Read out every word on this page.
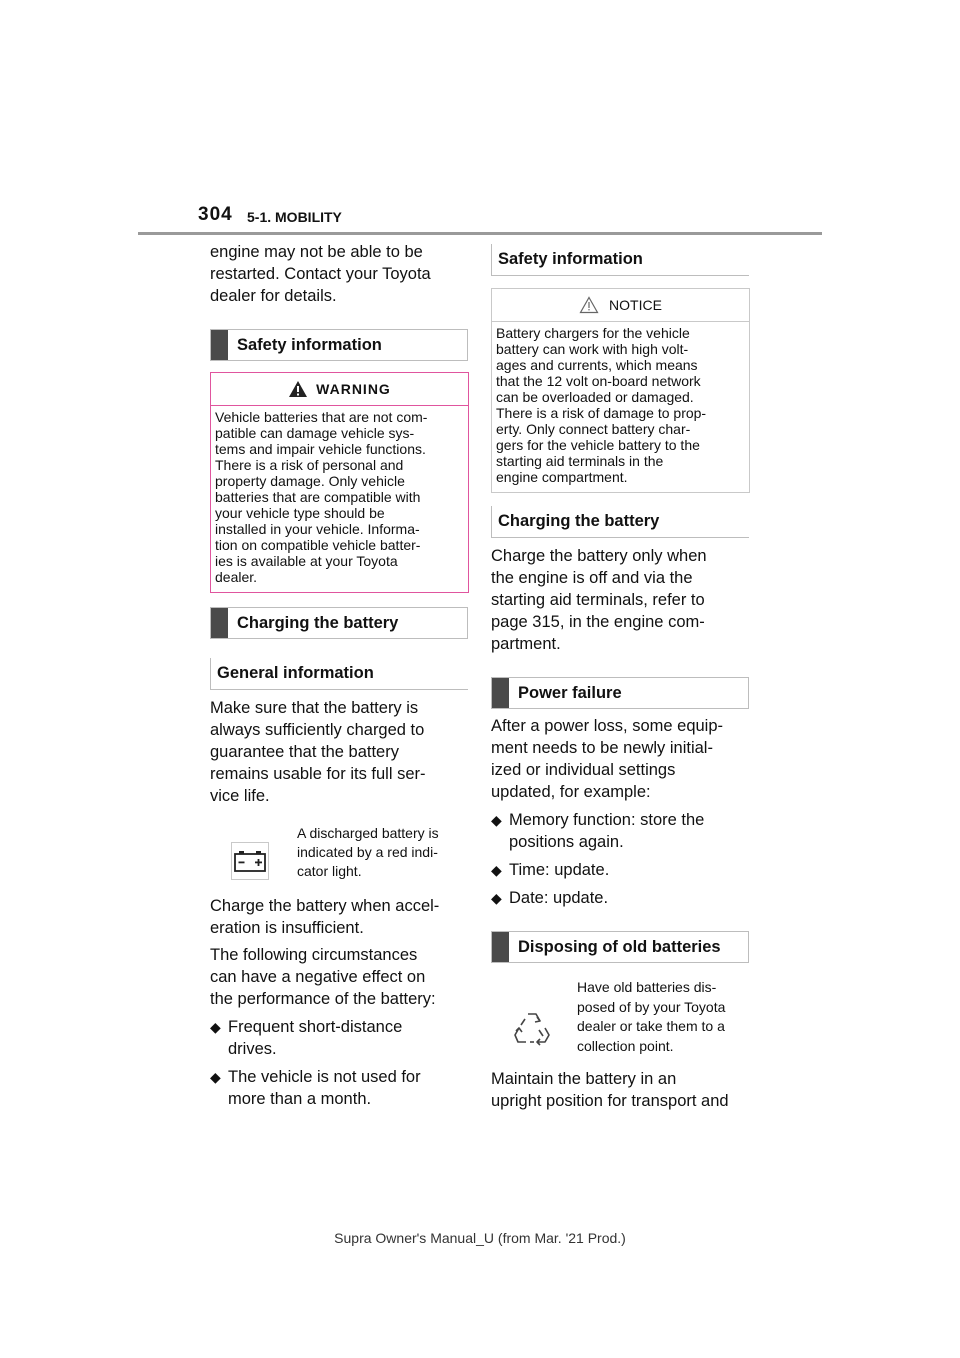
304 5-1. MOBILITY

engine may not be able to be
restarted. Contact your Toyota
dealer for details.

Safety information
WARNING

Vehicle batteries that are not com-
patible can damage vehicle sys-
tems and impair vehicle functions.
There is a risk of personal and
property damage. Only vehicle
batteries that are compatible with
your vehicle type should be
installed in your vehicle. Informa-
tion on compatible vehicle batter-
ies is available at your Toyota
dealer.

Charging the battery
General information

Make sure that the battery is
always sufficiently charged to
guarantee that the battery
remains usable for its full ser-
vice life.

A discharged battery is
indicated by a red indi-
cator light.

Charge the battery when accel-
eration is insufficient.

The following circumstances
can have a negative effect on
the performance of the battery:

◆ Frequent short-distance
drives.

◆ The vehicle is not used for
more than a month.

Safety information
NOTICE

Battery chargers for the vehicle
battery can work with high volt-
ages and currents, which means
that the 12 volt on-board network
can be overloaded or damaged.
There is a risk of damage to prop-
erty. Only connect battery char-
gers for the vehicle battery to the
starting aid terminals in the
engine compartment.

Charging the battery

Charge the battery only when
the engine is off and via the
starting aid terminals, refer to
page 315, in the engine com-
partment.

Power failure

After a power loss, some equip-
ment needs to be newly initial-
ized or individual settings
updated, for example:

◆ Memory function: store the
positions again.

◆ Time: update.

◆ Date: update.

Disposing of old batteries

Have old batteries dis-
posed of by your Toyota
dealer or take them to a
collection point.

Maintain the battery in an
upright position for transport and

Supra Owner's Manual_U (from Mar. '21 Prod.)
